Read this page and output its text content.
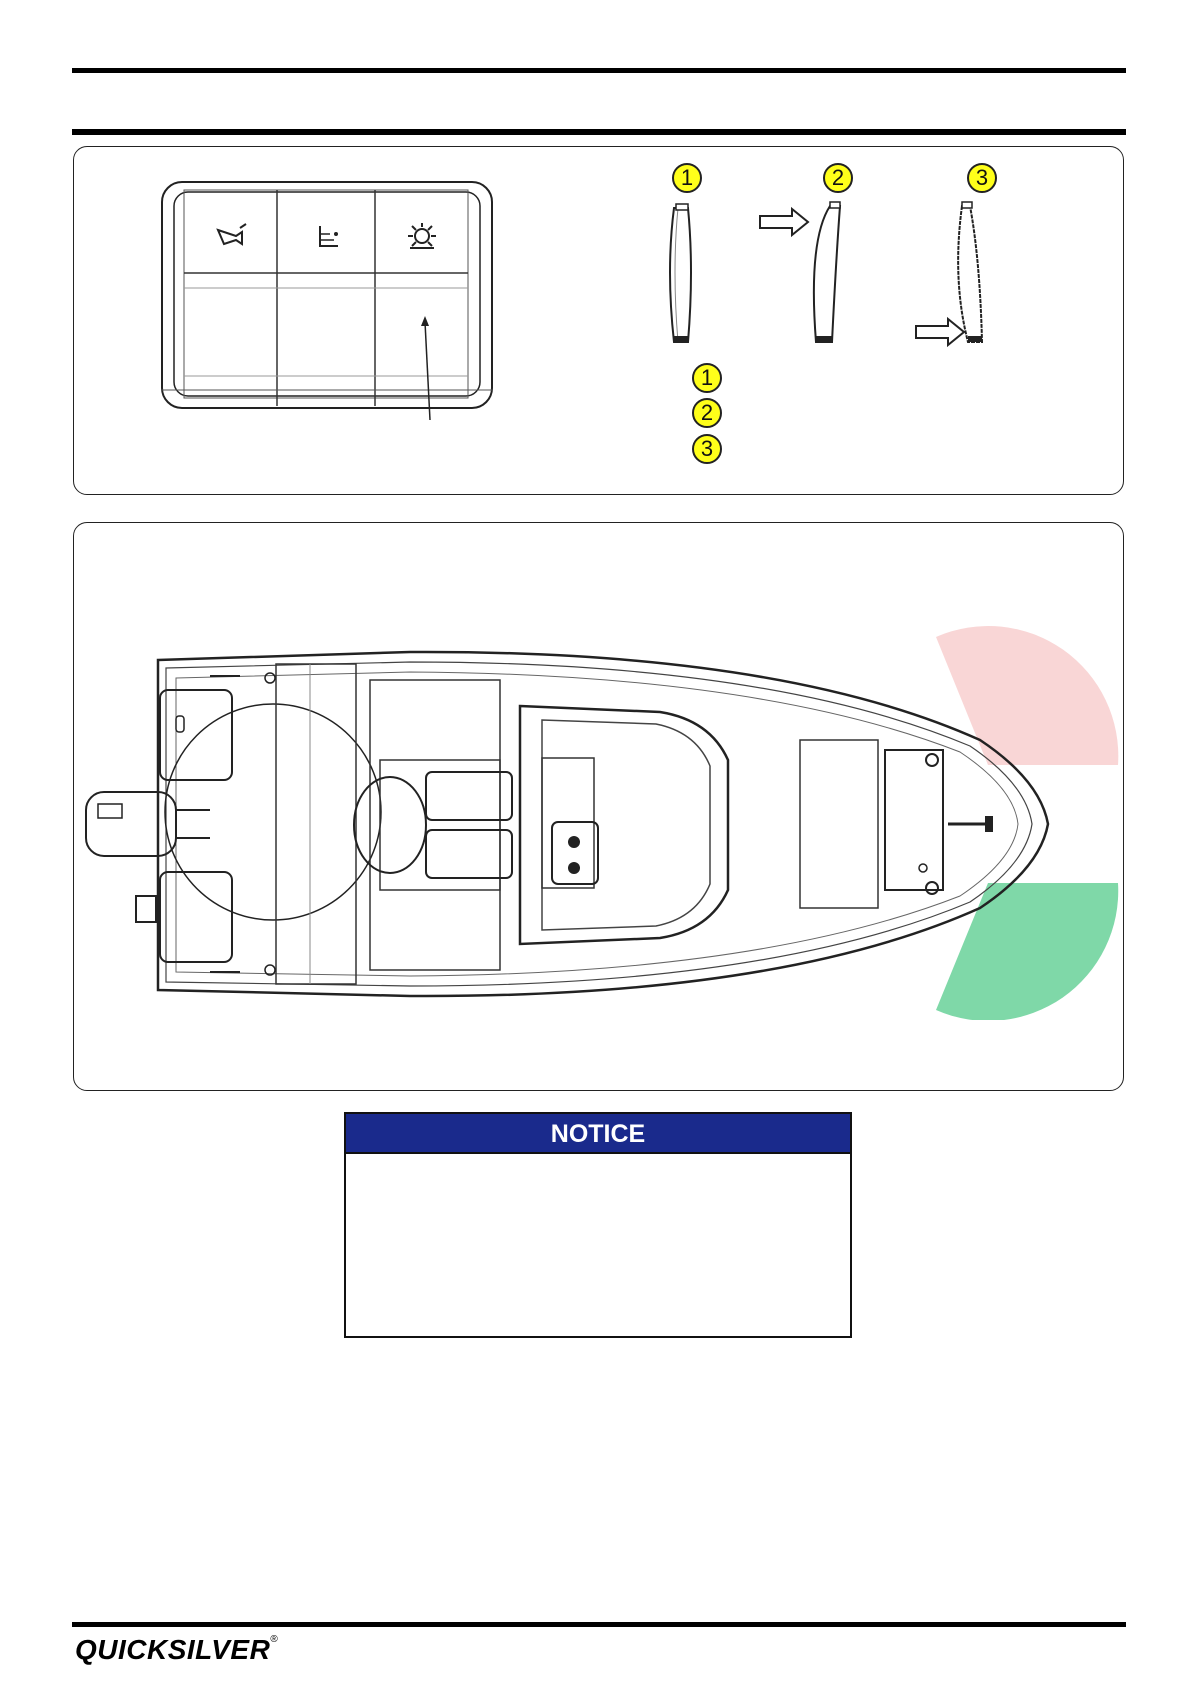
1	2	3
1
2
3
NOTICE
QUICKSILVER®
